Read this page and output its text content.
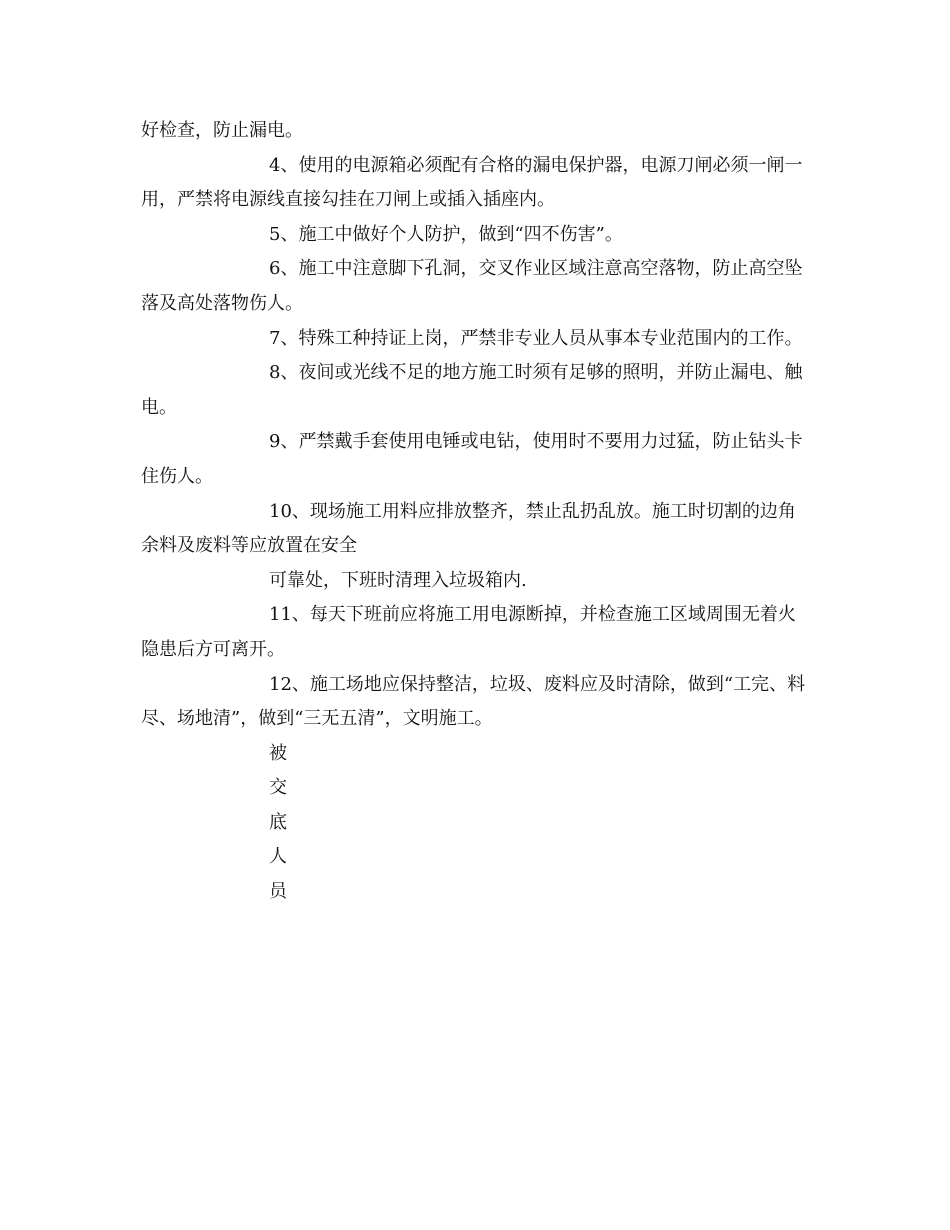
好检查，防止漏电。

4、使用的电源箱必须配有合格的漏电保护器，电源刀闸必须一闸一用，严禁将电源线直接勾挂在刀闸上或插入插座内。

5、施工中做好个人防护，做到“四不伤害”。

6、施工中注意脚下孔洞，交叉作业区域注意高空落物，防止高空坠落及高处落物伤人。

7、特殊工种持证上岗，严禁非专业人员从事本专业范围内的工作。

8、夜间或光线不足的地方施工时须有足够的照明，并防止漏电、触电。

9、严禁戴手套使用电锤或电钻，使用时不要用力过猛，防止钻头卡住伤人。

10、现场施工用料应排放整齐，禁止乱扔乱放。施工时切割的边角余料及废料等应放置在安全

可靠处，下班时清理入垃圾箱内.

11、每天下班前应将施工用电源断掉，并检查施工区域周围无着火隐患后方可离开。

12、施工场地应保持整洁，垃圾、废料应及时清除，做到“工完、料尽、场地清”，做到“三无五清”，文明施工。

被
交
底
人
员
